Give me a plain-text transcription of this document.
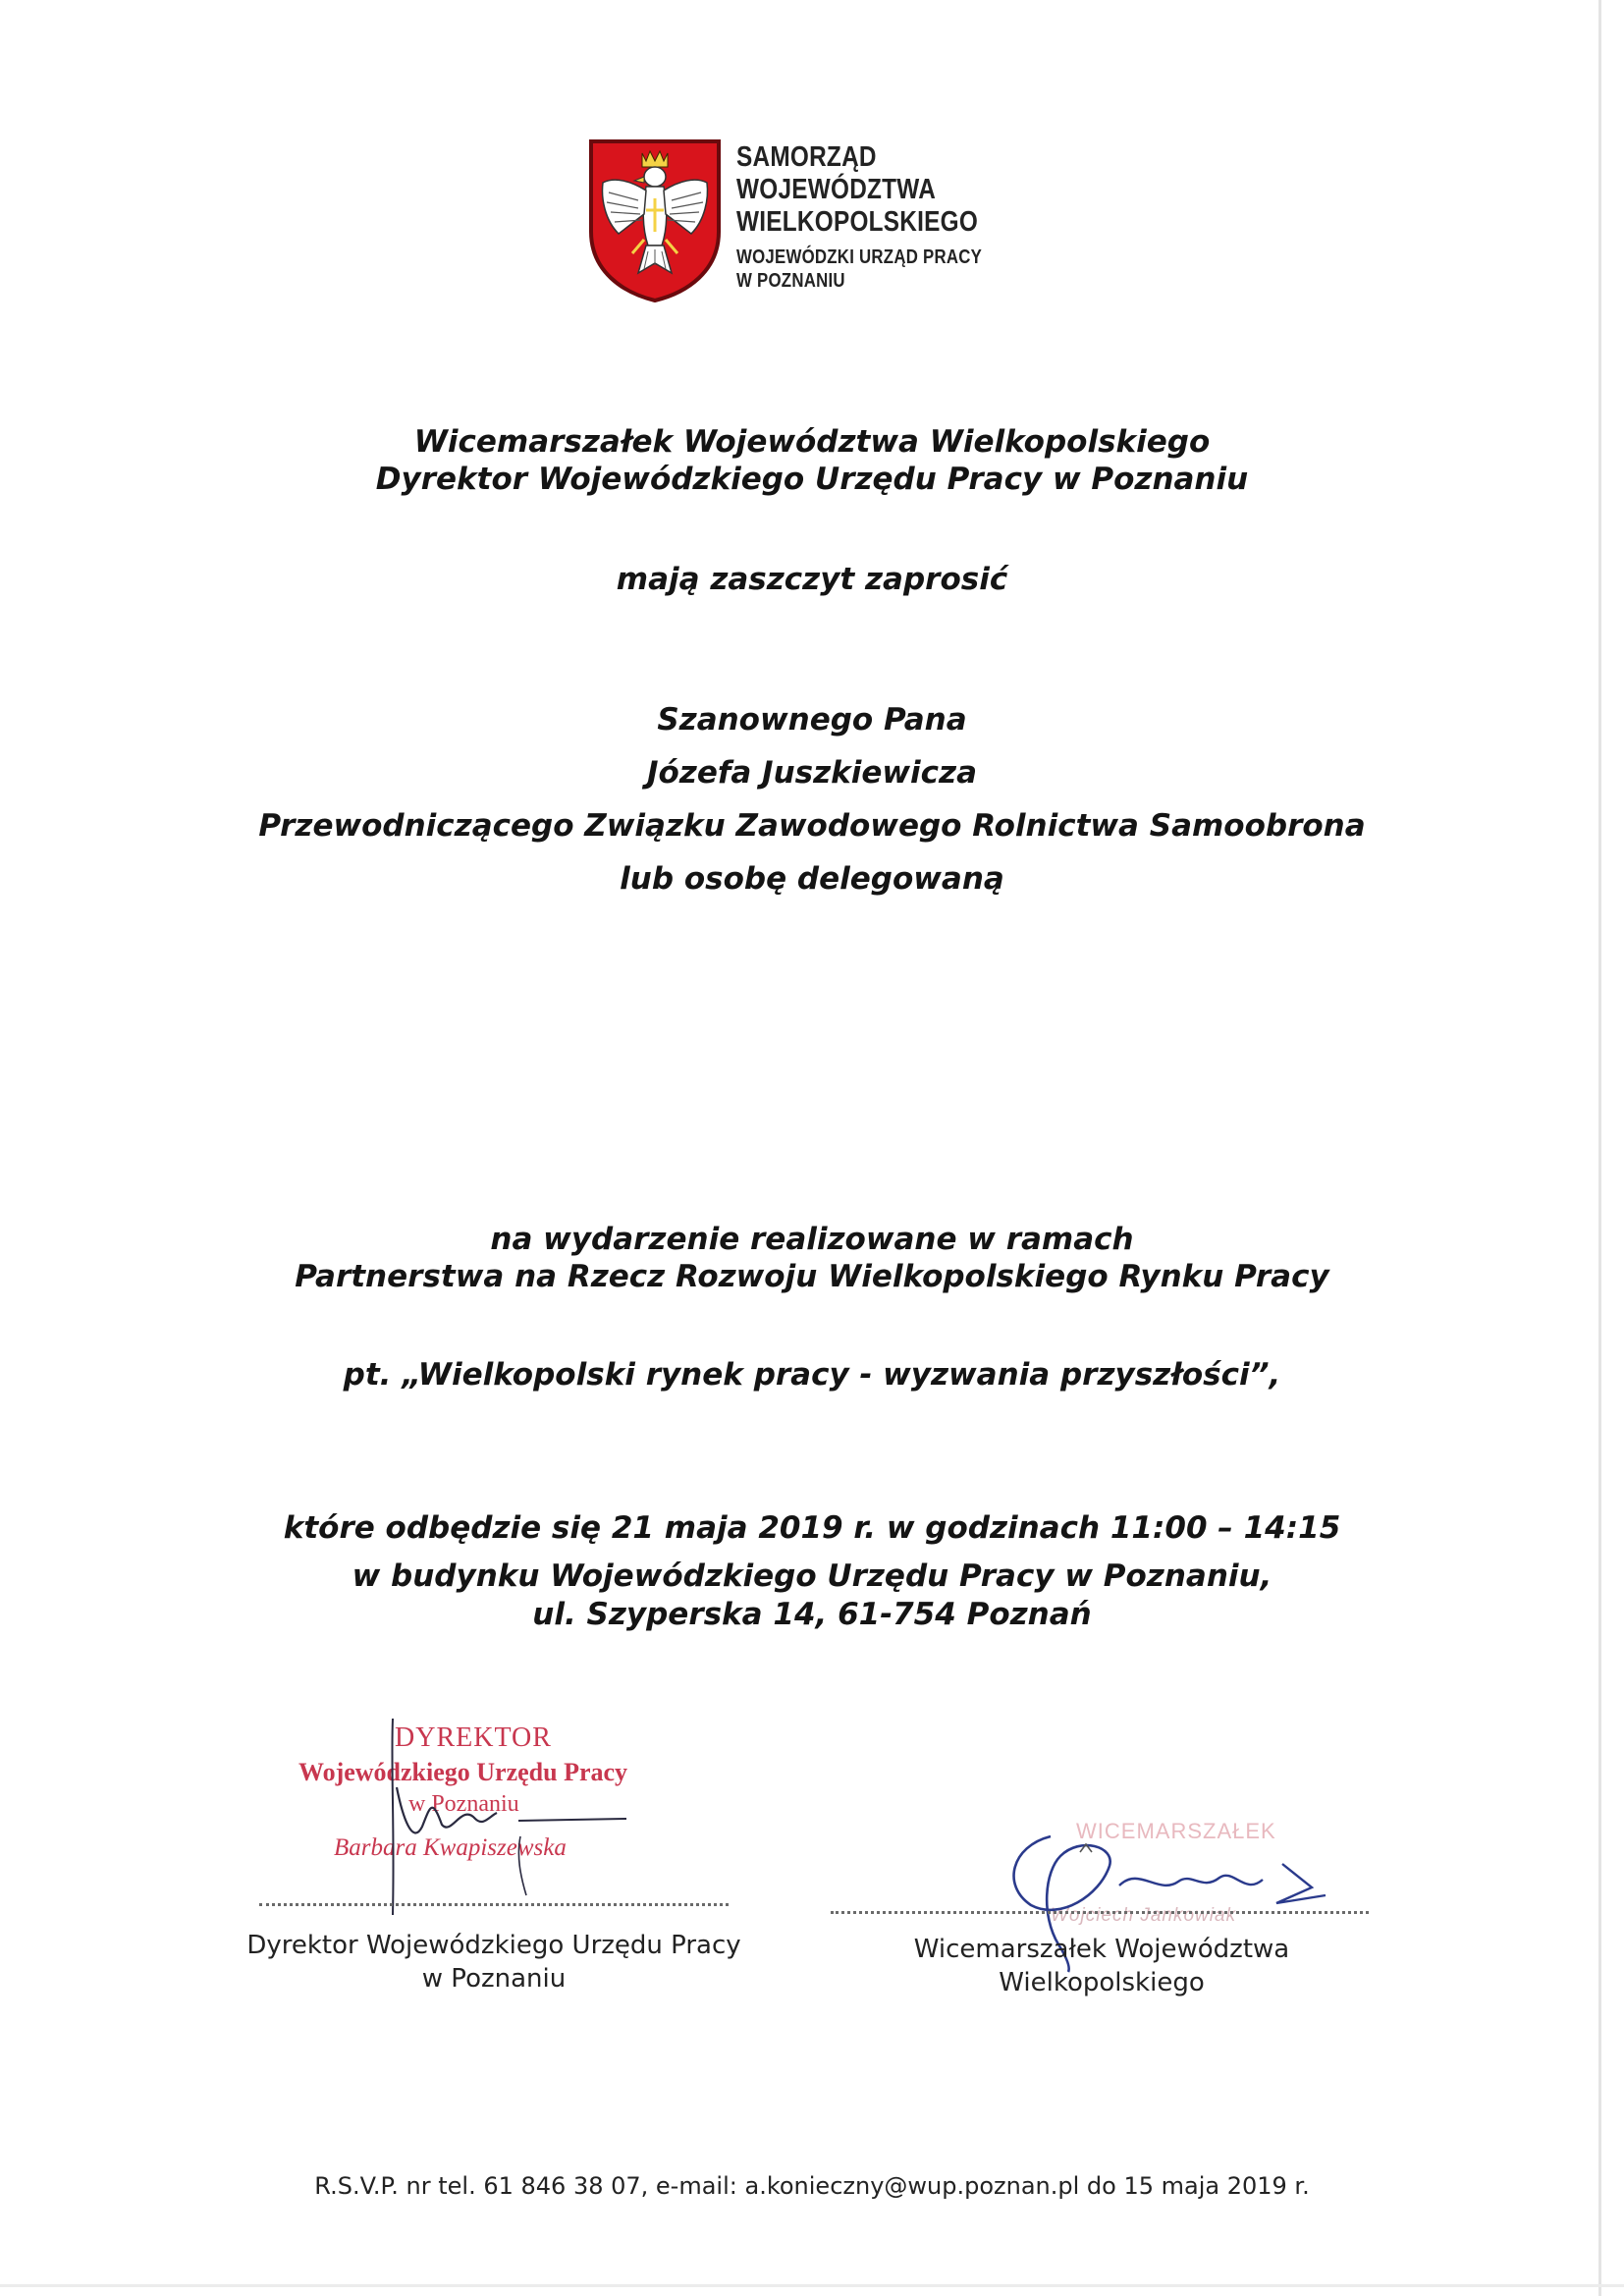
SAMORZĄD WOJEWÓDZTWA
WIELKOPOLSKIEGO
WOJEWÓDZKI URZĄD PRACY
W POZNANIU
Wicemarszałek Województwa Wielkopolskiego
Dyrektor Wojewódzkiego Urzędu Pracy w Poznaniu
mają zaszczyt zaprosić
Szanownego Pana
Józefa Juszkiewicza
Przewodniczącego Związku Zawodowego Rolnictwa Samoobrona
lub osobę delegowaną
na wydarzenie realizowane w ramach
Partnerstwa na Rzecz Rozwoju Wielkopolskiego Rynku Pracy
pt. „Wielkopolski rynek pracy - wyzwania przyszłości”,
które odbędzie się 21 maja 2019 r. w godzinach 11:00 – 14:15
w budynku Wojewódzkiego Urzędu Pracy w Poznaniu,
ul. Szyperska 14, 61-754 Poznań
DYREKTOR
Wojewódzkiego Urzędu Pracy
w Poznaniu
Barbara Kwapiszewska
Dyrektor Wojewódzkiego Urzędu Pracy
w Poznaniu
WICEMARSZAŁEK
Wojciech Jankowiak
Wicemarszałek Województwa
Wielkopolskiego
R.S.V.P. nr tel. 61 846 38 07, e-mail: a.konieczny@wup.poznan.pl do 15 maja 2019 r.
